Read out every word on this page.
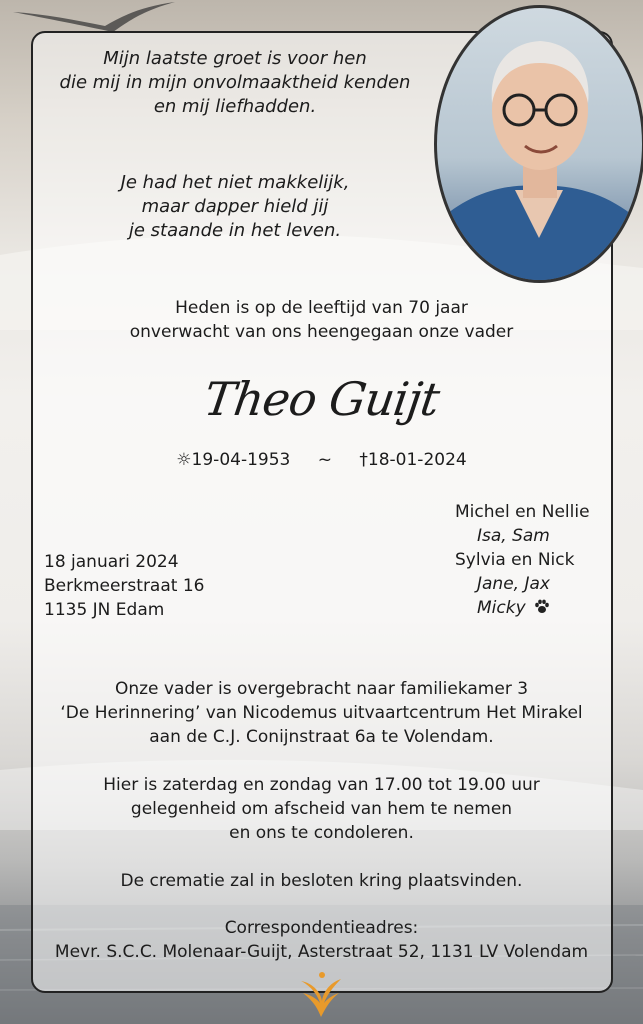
Mijn laatste groet is voor hen
die mij in mijn onvolmaaktheid kenden
en mij liefhadden.
Je had het niet makkelijk,
maar dapper hield jij
je staande in het leven.
Heden is op de leeftijd van 70 jaar
onverwacht van ons heengegaan onze vader
Theo Guijt
☼19-04-1953 ~ †18-01-2024
18 januari 2024
Berkmeerstraat 16
1135 JN Edam
Michel en Nellie
Isa, Sam
Sylvia en Nick
Jane, Jax
Micky
Onze vader is overgebracht naar familiekamer 3
‘De Herinnering’ van Nicodemus uitvaartcentrum Het Mirakel
aan de C.J. Conijnstraat 6a te Volendam.
Hier is zaterdag en zondag van 17.00 tot 19.00 uur
gelegenheid om afscheid van hem te nemen
en ons te condoleren.
De crematie zal in besloten kring plaatsvinden.
Correspondentieadres:
Mevr. S.C.C. Molenaar-Guijt, Asterstraat 52, 1131 LV Volendam
